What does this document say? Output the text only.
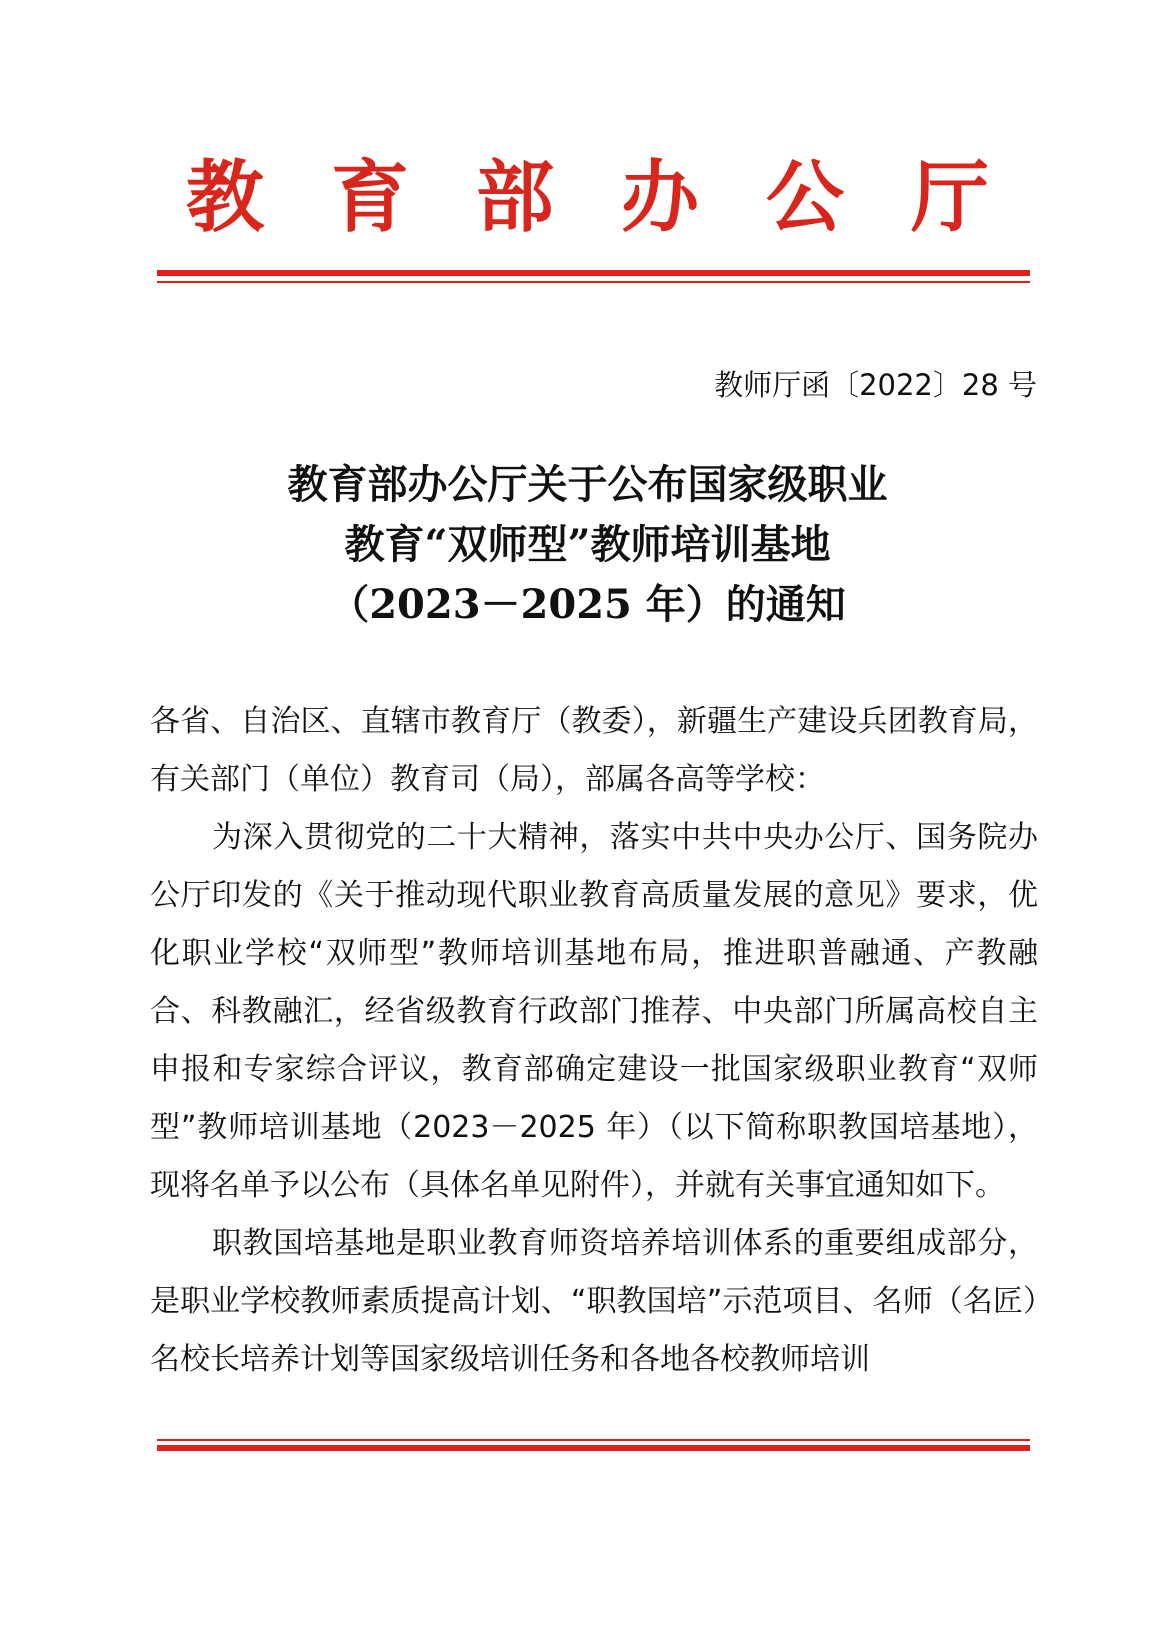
教 育 部 办 公 厅
教师厅函〔2022〕28 号
教育部办公厅关于公布国家级职业
教育“双师型”教师培训基地
（2023－2025 年）的通知

各省、自治区、直辖市教育厅（教委），新疆生产建设兵团教育局，有关部门（单位）教育司（局），部属各高等学校：

为深入贯彻党的二十大精神，落实中共中央办公厅、国务院办公厅印发的《关于推动现代职业教育高质量发展的意见》要求，优化职业学校“双师型”教师培训基地布局，推进职普融通、产教融合、科教融汇，经省级教育行政部门推荐、中央部门所属高校自主申报和专家综合评议，教育部确定建设一批国家级职业教育“双师型”教师培训基地（2023－2025 年）（以下简称职教国培基地），现将名单予以公布（具体名单见附件），并就有关事宜通知如下。

职教国培基地是职业教育师资培养培训体系的重要组成部分，是职业学校教师素质提高计划、“职教国培”示范项目、名师（名匠）名校长培养计划等国家级培训任务和各地各校教师培训
